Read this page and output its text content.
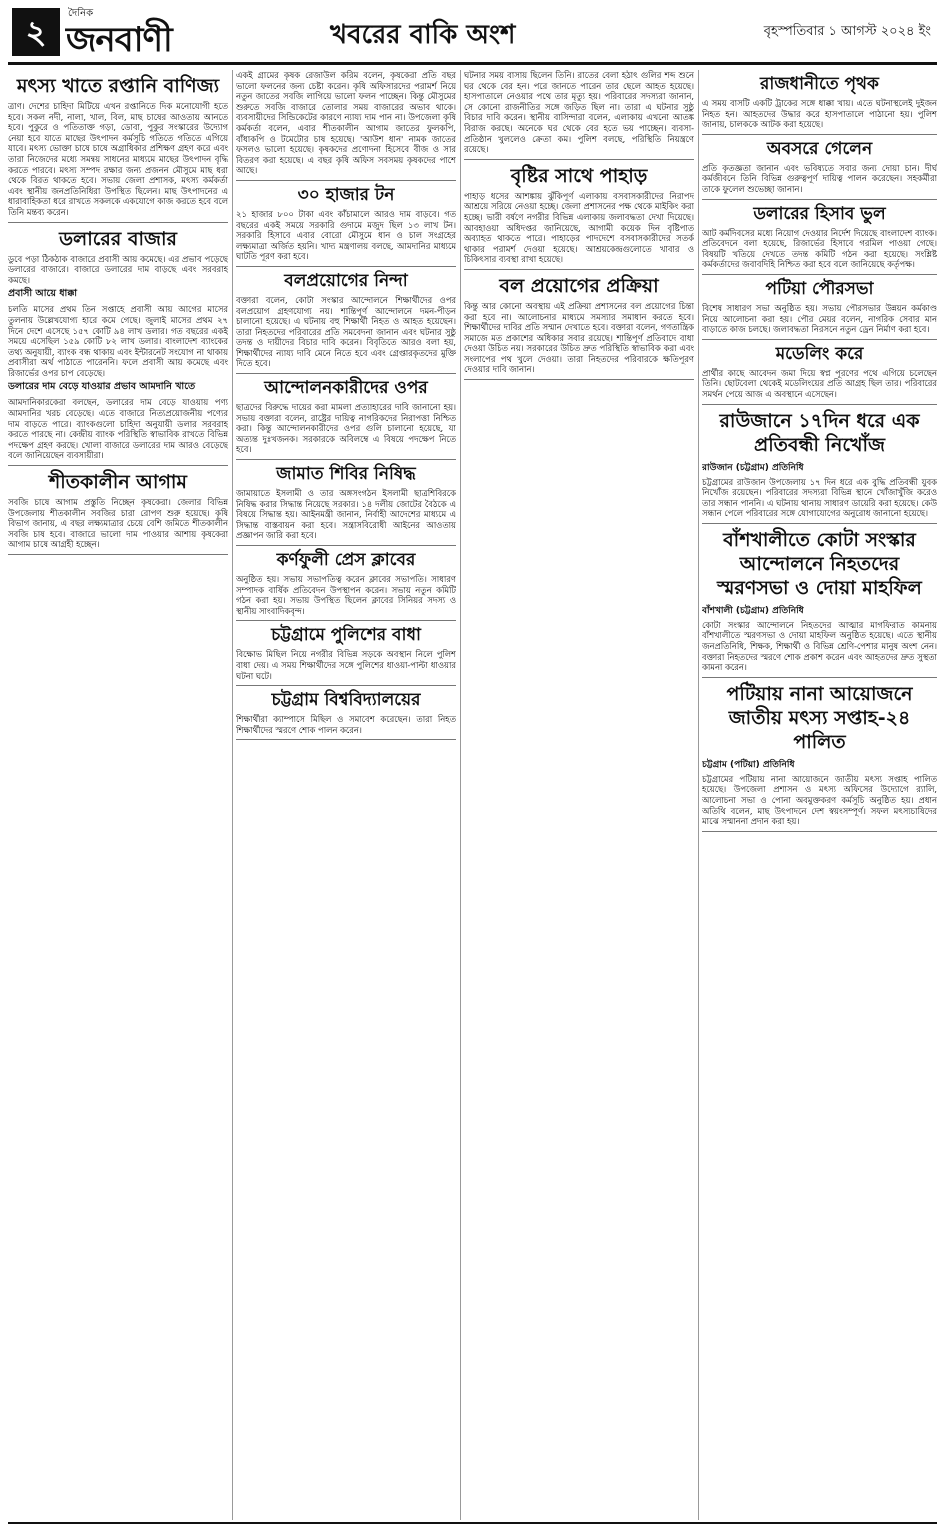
২	দৈনিক
জনবাণী	খবরের বাকি অংশ	বৃহস্পতিবার ১ আগস্ট ২০২৪ ইং
মৎস্য খাতে রপ্তানি বাণিজ্য

ত্রাণ। দেশের চাহিদা মিটিয়ে এখন রপ্তানিতে দিক মনোযোগী হতে হবে। সকল নদী, নালা, খাল, বিল, মাছ চাষের আওতায় আনতে হবে। পুকুরে ও পতিতাক্ত গড়া, ডোবা, পুকুর সংস্কারের উদ্যোগ নেয়া হবে যাতে মাছের উৎপাদন কর্মসূচি গতিতে গতিতে এগিয়ে যাবে। মৎস্য ভোক্তা চাষে চাষে অগ্রাধিকার প্রশিক্ষণ গ্রহণ করে এবং তারা নিজেদের মধ্যে সমন্বয় সাধনের মাধ্যমে মাছের উৎপাদন বৃদ্ধি করতে পারবে। মৎস্য সম্পদ রক্ষার জন্য প্রজনন মৌসুমে মাছ ধরা থেকে বিরত থাকতে হবে। সভায় জেলা প্রশাসক, মৎস্য কর্মকর্তা এবং স্থানীয় জনপ্রতিনিধিরা উপস্থিত ছিলেন। মাছ উৎপাদনের এ ধারাবাহিকতা ধরে রাখতে সকলকে একযোগে কাজ করতে হবে বলে তিনি মন্তব্য করেন।

ডলারের বাজার

ডুবে পড়া ঠিকঠাক বাজারে প্রবাসী আয় কমেছে। এর প্রভাব পড়েছে ডলারের বাজারে। বাজারে ডলারের দাম বাড়ছে এবং সরবরাহ কমছে।

প্রবাসী আয়ে ধাক্কা

চলতি মাসের প্রথম তিন সপ্তাহে প্রবাসী আয় আগের মাসের তুলনায় উল্লেখযোগ্য হারে কমে গেছে। জুলাই মাসের প্রথম ২৭ দিনে দেশে এসেছে ১৫৭ কোটি ৯৪ লাখ ডলার। গত বছরের একই সময়ে এসেছিল ১৫৯ কোটি ৮২ লাখ ডলার। বাংলাদেশ ব্যাংকের তথ্য অনুযায়ী, ব্যাংক বন্ধ থাকায় এবং ইন্টারনেট সংযোগ না থাকায় প্রবাসীরা অর্থ পাঠাতে পারেননি। ফলে প্রবাসী আয় কমেছে এবং রিজার্ভের ওপর চাপ বেড়েছে।

ডলারের দাম বেড়ে যাওয়ার প্রভাব আমদানি খাতে

আমদানিকারকেরা বলছেন, ডলারের দাম বেড়ে যাওয়ায় পণ্য আমদানির খরচ বেড়েছে। এতে বাজারে নিত্যপ্রয়োজনীয় পণ্যের দাম বাড়তে পারে। ব্যাংকগুলো চাহিদা অনুযায়ী ডলার সরবরাহ করতে পারছে না। কেন্দ্রীয় ব্যাংক পরিস্থিতি স্বাভাবিক রাখতে বিভিন্ন পদক্ষেপ গ্রহণ করছে। খোলা বাজারে ডলারের দাম আরও বেড়েছে বলে জানিয়েছেন ব্যবসায়ীরা।

শীতকালীন আগাম

সবজি চাষে আগাম প্রস্তুতি নিচ্ছেন কৃষকেরা। জেলার বিভিন্ন উপজেলায় শীতকালীন সবজির চারা রোপণ শুরু হয়েছে। কৃষি বিভাগ জানায়, এ বছর লক্ষ্যমাত্রার চেয়ে বেশি জমিতে শীতকালীন সবজি চাষ হবে। বাজারে ভালো দাম পাওয়ার আশায় কৃষকেরা আগাম চাষে আগ্রহী হচ্ছেন।

একই গ্রামের কৃষক রেজাউল করিম বলেন, কৃষকেরা প্রতি বছর ভালো ফলনের জন্য চেষ্টা করেন। কৃষি অফিসারদের পরামর্শ নিয়ে নতুন জাতের সবজি লাগিয়ে ভালো ফলন পাচ্ছেন। কিন্তু মৌসুমের শুরুতে সবজি বাজারে তোলার সময় বাজারের অভাব থাকে। ব্যবসায়ীদের সিন্ডিকেটের কারণে ন্যায্য দাম পান না। উপজেলা কৃষি কর্মকর্তা বলেন, এবার শীতকালীন আগাম জাতের ফুলকপি, বাঁধাকপি ও টমেটোর চাষ হয়েছে। 'আউশ ধান' নামক জাতের ফসলও ভালো হয়েছে। কৃষকদের প্রণোদনা হিসেবে বীজ ও সার বিতরণ করা হয়েছে। এ বছর কৃষি অফিস সবসময় কৃষকদের পাশে আছে।

৩০ হাজার টন

২১ হাজার ৮০০ টাকা এবং কাঁচামালে আরও দাম বাড়বে। গত বছরের একই সময়ে সরকারি গুদামে মজুদ ছিল ১৩ লাখ টন। সরকারি হিসাবে এবার বোরো মৌসুমে ধান ও চাল সংগ্রহের লক্ষ্যমাত্রা অর্জিত হয়নি। খাদ্য মন্ত্রণালয় বলছে, আমদানির মাধ্যমে ঘাটতি পূরণ করা হবে।

বলপ্রয়োগের নিন্দা

বক্তারা বলেন, কোটা সংস্কার আন্দোলনে শিক্ষার্থীদের ওপর বলপ্রয়োগ গ্রহণযোগ্য নয়। শান্তিপূর্ণ আন্দোলনে দমন-পীড়ন চালানো হয়েছে। এ ঘটনায় বহু শিক্ষার্থী নিহত ও আহত হয়েছেন। তারা নিহতদের পরিবারের প্রতি সমবেদনা জানান এবং ঘটনার সুষ্ঠু তদন্ত ও দায়ীদের বিচার দাবি করেন। বিবৃতিতে আরও বলা হয়, শিক্ষার্থীদের ন্যায্য দাবি মেনে নিতে হবে এবং গ্রেপ্তারকৃতদের মুক্তি দিতে হবে।

আন্দোলনকারীদের ওপর

ছাত্রদের বিরুদ্ধে দায়ের করা মামলা প্রত্যাহারের দাবি জানানো হয়। সভায় বক্তারা বলেন, রাষ্ট্রের দায়িত্ব নাগরিকদের নিরাপত্তা নিশ্চিত করা। কিন্তু আন্দোলনকারীদের ওপর গুলি চালানো হয়েছে, যা অত্যন্ত দুঃখজনক। সরকারকে অবিলম্বে এ বিষয়ে পদক্ষেপ নিতে হবে।

জামাত শিবির নিষিদ্ধ

জামায়াতে ইসলামী ও তার অঙ্গসংগঠন ইসলামী ছাত্রশিবিরকে নিষিদ্ধ করার সিদ্ধান্ত নিয়েছে সরকার। ১৪ দলীয় জোটের বৈঠকে এ বিষয়ে সিদ্ধান্ত হয়। আইনমন্ত্রী জানান, নির্বাহী আদেশের মাধ্যমে এ সিদ্ধান্ত বাস্তবায়ন করা হবে। সন্ত্রাসবিরোধী আইনের আওতায় প্রজ্ঞাপন জারি করা হবে।

কর্ণফুলী প্রেস ক্লাবের

অনুষ্ঠিত হয়। সভায় সভাপতিত্ব করেন ক্লাবের সভাপতি। সাধারণ সম্পাদক বার্ষিক প্রতিবেদন উপস্থাপন করেন। সভায় নতুন কমিটি গঠন করা হয়। সভায় উপস্থিত ছিলেন ক্লাবের সিনিয়র সদস্য ও স্থানীয় সাংবাদিকবৃন্দ।

চট্টগ্রামে পুলিশের বাধা

বিক্ষোভ মিছিল নিয়ে নগরীর বিভিন্ন সড়কে অবস্থান নিলে পুলিশ বাধা দেয়। এ সময় শিক্ষার্থীদের সঙ্গে পুলিশের ধাওয়া-পাল্টা ধাওয়ার ঘটনা ঘটে।

চট্টগ্রাম বিশ্ববিদ্যালয়ের

শিক্ষার্থীরা ক্যাম্পাসে মিছিল ও সমাবেশ করেছেন। তারা নিহত শিক্ষার্থীদের স্মরণে শোক পালন করেন।

ঘটনার সময় বাসায় ছিলেন তিনি। রাতের বেলা হঠাৎ গুলির শব্দ শুনে ঘর থেকে বের হন। পরে জানতে পারেন তার ছেলে আহত হয়েছে। হাসপাতালে নেওয়ার পথে তার মৃত্যু হয়। পরিবারের সদস্যরা জানান, সে কোনো রাজনীতির সঙ্গে জড়িত ছিল না। তারা এ ঘটনার সুষ্ঠু বিচার দাবি করেন। স্থানীয় বাসিন্দারা বলেন, এলাকায় এখনো আতঙ্ক বিরাজ করছে। অনেকে ঘর থেকে বের হতে ভয় পাচ্ছেন। ব্যবসা-প্রতিষ্ঠান খুললেও ক্রেতা কম। পুলিশ বলছে, পরিস্থিতি নিয়ন্ত্রণে রয়েছে।

বৃষ্টির সাথে পাহাড়

পাহাড় ধসের আশঙ্কায় ঝুঁকিপূর্ণ এলাকায় বসবাসকারীদের নিরাপদ আশ্রয়ে সরিয়ে নেওয়া হচ্ছে। জেলা প্রশাসনের পক্ষ থেকে মাইকিং করা হচ্ছে। ভারী বর্ষণে নগরীর বিভিন্ন এলাকায় জলাবদ্ধতা দেখা দিয়েছে। আবহাওয়া অধিদপ্তর জানিয়েছে, আগামী কয়েক দিন বৃষ্টিপাত অব্যাহত থাকতে পারে। পাহাড়ের পাদদেশে বসবাসকারীদের সতর্ক থাকার পরামর্শ দেওয়া হয়েছে। আশ্রয়কেন্দ্রগুলোতে খাবার ও চিকিৎসার ব্যবস্থা রাখা হয়েছে।

বল প্রয়োগের প্রক্রিয়া

কিন্তু আর কোনো অবস্থায় এই প্রক্রিয়া প্রশাসনের বল প্রয়োগের চিন্তা করা হবে না। আলোচনার মাধ্যমে সমস্যার সমাধান করতে হবে। শিক্ষার্থীদের দাবির প্রতি সম্মান দেখাতে হবে। বক্তারা বলেন, গণতান্ত্রিক সমাজে মত প্রকাশের অধিকার সবার রয়েছে। শান্তিপূর্ণ প্রতিবাদে বাধা দেওয়া উচিত নয়। সরকারের উচিত দ্রুত পরিস্থিতি স্বাভাবিক করা এবং সংলাপের পথ খুলে দেওয়া। তারা নিহতদের পরিবারকে ক্ষতিপূরণ দেওয়ার দাবি জানান।

রাজধানীতে পৃথক

এ সময় বাসটি একটি ট্রাকের সঙ্গে ধাক্কা খায়। এতে ঘটনাস্থলেই দুইজন নিহত হন। আহতদের উদ্ধার করে হাসপাতালে পাঠানো হয়। পুলিশ জানায়, চালককে আটক করা হয়েছে।

অবসরে গেলেন

প্রতি কৃতজ্ঞতা জানান এবং ভবিষ্যতে সবার জন্য দোয়া চান। দীর্ঘ কর্মজীবনে তিনি বিভিন্ন গুরুত্বপূর্ণ দায়িত্ব পালন করেছেন। সহকর্মীরা তাকে ফুলেল শুভেচ্ছা জানান।

ডলারের হিসাব ভুল

আট কর্মদিবসের মধ্যে নিয়োগ দেওয়ার নির্দেশ দিয়েছে বাংলাদেশ ব্যাংক। প্রতিবেদনে বলা হয়েছে, রিজার্ভের হিসাবে গরমিল পাওয়া গেছে। বিষয়টি খতিয়ে দেখতে তদন্ত কমিটি গঠন করা হয়েছে। সংশ্লিষ্ট কর্মকর্তাদের জবাবদিহি নিশ্চিত করা হবে বলে জানিয়েছে কর্তৃপক্ষ।

পটিয়া পৌরসভা

বিশেষ সাধারণ সভা অনুষ্ঠিত হয়। সভায় পৌরসভার উন্নয়ন কর্মকাণ্ড নিয়ে আলোচনা করা হয়। পৌর মেয়র বলেন, নাগরিক সেবার মান বাড়াতে কাজ চলছে। জলাবদ্ধতা নিরসনে নতুন ড্রেন নির্মাণ করা হবে।

মডেলিং করে

প্রার্থীর কাছে আবেদন জমা দিয়ে স্বপ্ন পূরণের পথে এগিয়ে চলেছেন তিনি। ছোটবেলা থেকেই মডেলিংয়ের প্রতি আগ্রহ ছিল তার। পরিবারের সমর্থন পেয়ে আজ এ অবস্থানে এসেছেন।

রাউজানে ১৭দিন ধরে এক প্রতিবন্ধী নিখোঁজ
রাউজান (চট্টগ্রাম) প্রতিনিধি

চট্টগ্রামের রাউজান উপজেলায় ১৭ দিন ধরে এক বুদ্ধি প্রতিবন্ধী যুবক নিখোঁজ রয়েছেন। পরিবারের সদস্যরা বিভিন্ন স্থানে খোঁজাখুঁজি করেও তার সন্ধান পাননি। এ ঘটনায় থানায় সাধারণ ডায়েরি করা হয়েছে। কেউ সন্ধান পেলে পরিবারের সঙ্গে যোগাযোগের অনুরোধ জানানো হয়েছে।

বাঁশখালীতে কোটা সংস্কার আন্দোলনে নিহতদের স্মরণসভা ও দোয়া মাহফিল
বাঁশখালী (চট্টগ্রাম) প্রতিনিধি

কোটা সংস্কার আন্দোলনে নিহতদের আত্মার মাগফিরাত কামনায় বাঁশখালীতে স্মরণসভা ও দোয়া মাহফিল অনুষ্ঠিত হয়েছে। এতে স্থানীয় জনপ্রতিনিধি, শিক্ষক, শিক্ষার্থী ও বিভিন্ন শ্রেণি-পেশার মানুষ অংশ নেন। বক্তারা নিহতদের স্মরণে শোক প্রকাশ করেন এবং আহতদের দ্রুত সুস্থতা কামনা করেন।

পটিয়ায় নানা আয়োজনে জাতীয় মৎস্য সপ্তাহ-২৪ পালিত
চট্টগ্রাম (পটিয়া) প্রতিনিধি

চট্টগ্রামের পটিয়ায় নানা আয়োজনে জাতীয় মৎস্য সপ্তাহ পালিত হয়েছে। উপজেলা প্রশাসন ও মৎস্য অফিসের উদ্যোগে র‌্যালি, আলোচনা সভা ও পোনা অবমুক্তকরণ কর্মসূচি অনুষ্ঠিত হয়। প্রধান অতিথি বলেন, মাছ উৎপাদনে দেশ স্বয়ংসম্পূর্ণ। সফল মৎস্যচাষিদের মাঝে সম্মাননা প্রদান করা হয়।
